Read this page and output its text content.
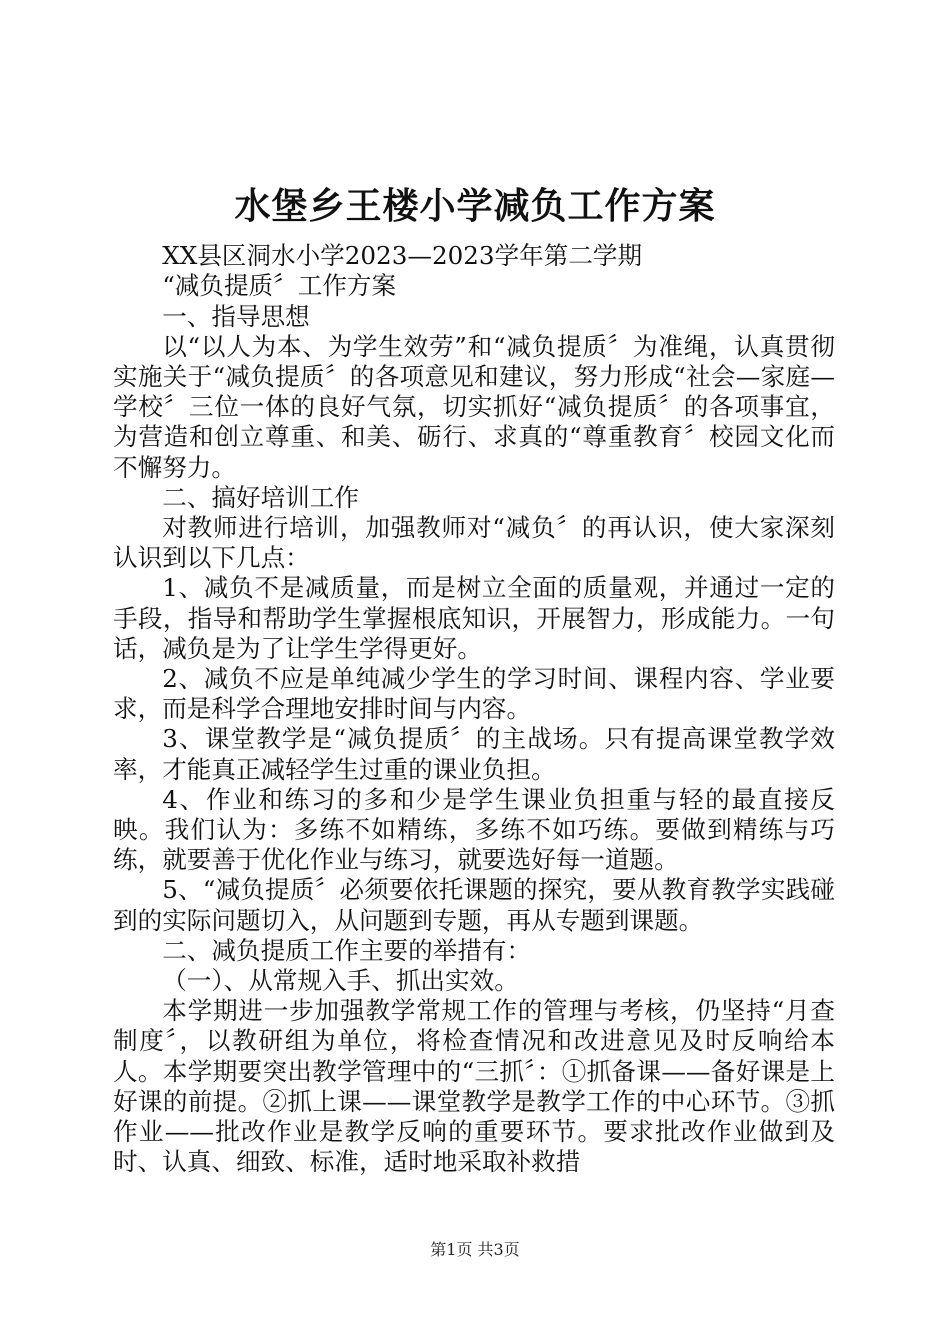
水堡乡王楼小学减负工作方案

XX县区洞水小学2023—2023学年第二学期

“减负提质〞工作方案

一、指导思想

以“以人为本、为学生效劳”和“减负提质〞为准绳，认真贯彻实施关于“减负提质〞的各项意见和建议，努力形成“社会—家庭—学校〞三位一体的良好气氛，切实抓好“减负提质〞的各项事宜，为营造和创立尊重、和美、砺行、求真的“尊重教育〞校园文化而不懈努力。

二、搞好培训工作

对教师进行培训，加强教师对“减负〞的再认识，使大家深刻认识到以下几点：

1、减负不是减质量，而是树立全面的质量观，并通过一定的手段，指导和帮助学生掌握根底知识，开展智力，形成能力。一句话，减负是为了让学生学得更好。

2、减负不应是单纯减少学生的学习时间、课程内容、学业要求，而是科学合理地安排时间与内容。

3、课堂教学是“减负提质〞的主战场。只有提高课堂教学效率，才能真正减轻学生过重的课业负担。

4、作业和练习的多和少是学生课业负担重与轻的最直接反映。我们认为：多练不如精练，多练不如巧练。要做到精练与巧练，就要善于优化作业与练习，就要选好每一道题。

5、“减负提质〞必须要依托课题的探究，要从教育教学实践碰到的实际问题切入，从问题到专题，再从专题到课题。

二、减负提质工作主要的举措有：

（一）、从常规入手、抓出实效。

本学期进一步加强教学常规工作的管理与考核，仍坚持“月查制度〞，以教研组为单位，将检查情况和改进意见及时反响给本人。本学期要突出教学管理中的“三抓〞：①抓备课——备好课是上好课的前提。②抓上课——课堂教学是教学工作的中心环节。③抓作业——批改作业是教学反响的重要环节。要求批改作业做到及时、认真、细致、标准，适时地采取补救措

第1页 共3页
